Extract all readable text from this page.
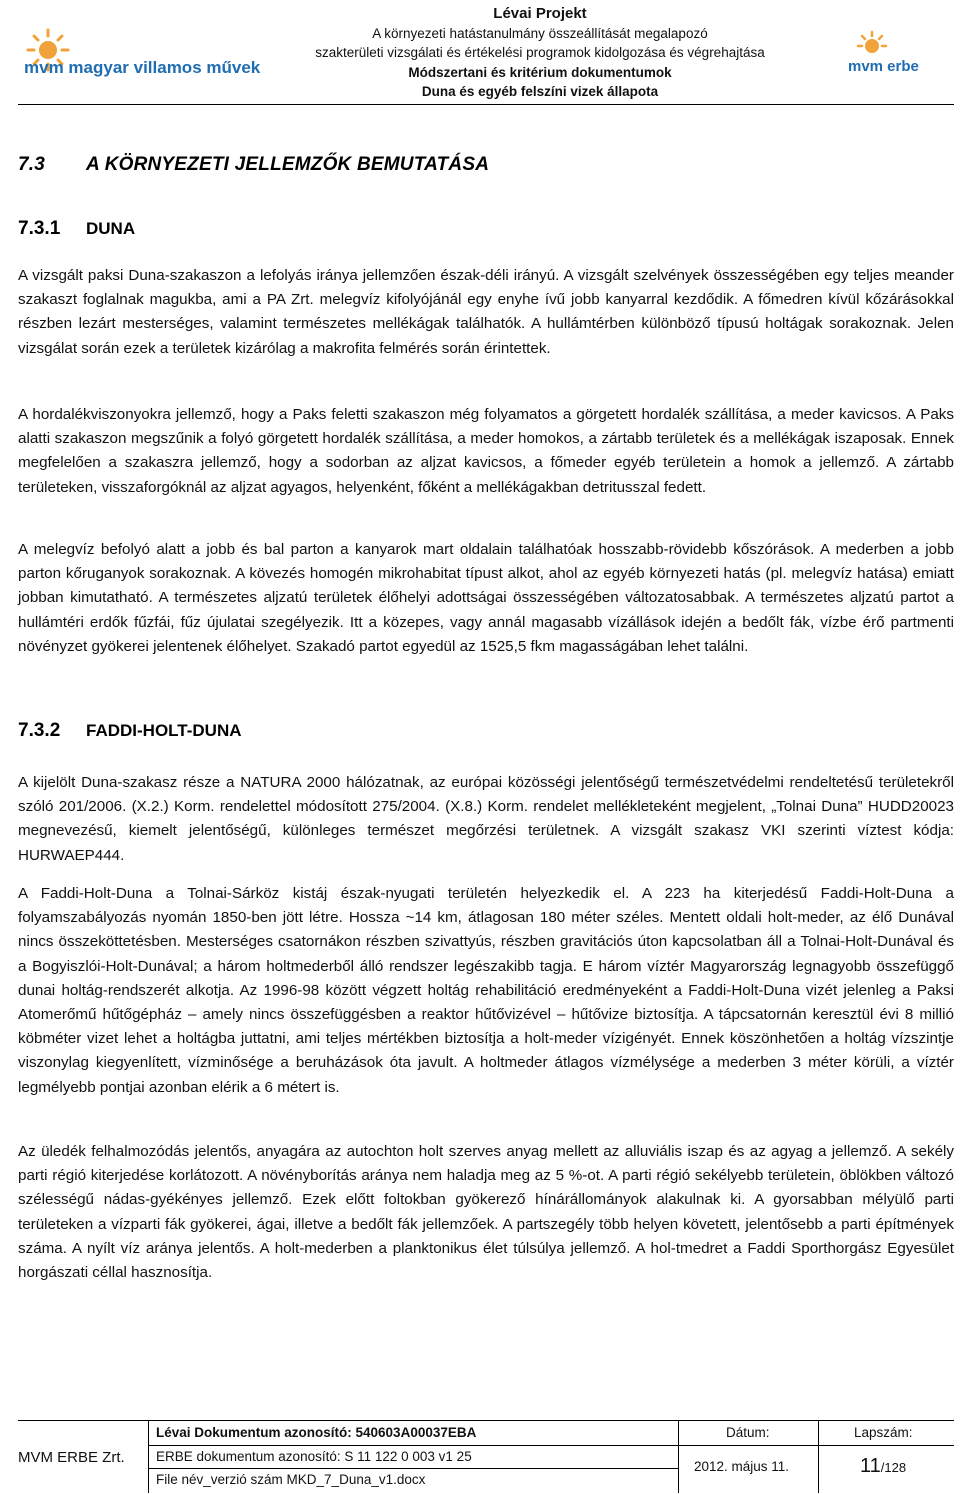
mvm magyar villamos művek
Lévai Projekt
A környezeti hatástanulmány összeállítását megalapozó
szakterületi vizsgálati és értékelési programok kidolgozása és végrehajtása
Módszertani és kritérium dokumentumok
Duna és egyéb felszíni vizek állapota
mvm erbe
7.3 A KÖRNYEZETI JELLEMZŐK BEMUTATÁSA
7.3.1 DUNA

A vizsgált paksi Duna-szakaszon a lefolyás iránya jellemzően észak-déli irányú. A vizsgált szelvények összességében egy teljes meander szakaszt foglalnak magukba, ami a PA Zrt. melegvíz kifolyójánál egy enyhe ívű jobb kanyarral kezdődik. A főmedren kívül kőzárásokkal részben lezárt mesterséges, valamint természetes mellékágak találhatók. A hullámtérben különböző típusú holtágak sorakoznak. Jelen vizsgálat során ezek a területek kizárólag a makrofita felmérés során érintettek.

A hordalékviszonyokra jellemző, hogy a Paks feletti szakaszon még folyamatos a görgetett hordalék szállítása, a meder kavicsos. A Paks alatti szakaszon megszűnik a folyó görgetett hordalék szállítása, a meder homokos, a zártabb területek és a mellékágak iszaposak. Ennek megfelelően a szakaszra jellemző, hogy a sodorban az aljzat kavicsos, a főmeder egyéb területein a homok a jellemző. A zártabb területeken, visszaforgóknál az aljzat agyagos, helyenként, főként a mellékágakban detritusszal fedett.

A melegvíz befolyó alatt a jobb és bal parton a kanyarok mart oldalain találhatóak hosszabb-rövidebb kőszórások. A mederben a jobb parton kőruganyok sorakoznak. A kövezés homogén mikrohabitat típust alkot, ahol az egyéb környezeti hatás (pl. melegvíz hatása) emiatt jobban kimutatható. A természetes aljzatú területek élőhelyi adottságai összességében változatosabbak. A természetes aljzatú partot a hullámtéri erdők fűzfái, fűz újulatai szegélyezik. Itt a közepes, vagy annál magasabb vízállások idején a bedőlt fák, vízbe érő partmenti növényzet gyökerei jelentenek élőhelyet. Szakadó partot egyedül az 1525,5 fkm magasságában lehet találni.

7.3.2 FADDI-HOLT-DUNA

A kijelölt Duna-szakasz része a NATURA 2000 hálózatnak, az európai közösségi jelentőségű természetvédelmi rendeltetésű területekről szóló 201/2006. (X.2.) Korm. rendelettel módosított 275/2004. (X.8.) Korm. rendelet mellékleteként megjelent, „Tolnai Duna” HUDD20023 megnevezésű, kiemelt jelentőségű, különleges természet megőrzési területnek. A vizsgált szakasz VKI szerinti víztest kódja: HURWAEP444.

A Faddi-Holt-Duna a Tolnai-Sárköz kistáj észak-nyugati területén helyezkedik el. A 223 ha kiterjedésű Faddi-Holt-Duna a folyamszabályozás nyomán 1850-ben jött létre. Hossza ~14 km, átlagosan 180 méter széles. Mentett oldali holt-meder, az élő Dunával nincs összeköttetésben. Mesterséges csatornákon részben szivattyús, részben gravitációs úton kapcsolatban áll a Tolnai-Holt-Dunával és a Bogyiszlói-Holt-Dunával; a három holtmederből álló rendszer legészakibb tagja. E három víztér Magyarország legnagyobb összefüggő dunai holtág-rendszerét alkotja. Az 1996-98 között végzett holtág rehabilitáció eredményeként a Faddi-Holt-Duna vizét jelenleg a Paksi Atomerőmű hűtőgépház – amely nincs összefüggésben a reaktor hűtővizével – hűtővize biztosítja. A tápcsatornán keresztül évi 8 millió köbméter vizet lehet a holtágba juttatni, ami teljes mértékben biztosítja a holt-meder vízigényét. Ennek köszönhetően a holtág vízszintje viszonylag kiegyenlített, vízminősége a beruházások óta javult. A holtmeder átlagos vízmélysége a mederben 3 méter körüli, a víztér legmélyebb pontjai azonban elérik a 6 métert is.

Az üledék felhalmozódás jelentős, anyagára az autochton holt szerves anyag mellett az alluviális iszap és az agyag a jellemző. A sekély parti régió kiterjedése korlátozott. A növényborítás aránya nem haladja meg az 5 %-ot. A parti régió sekélyebb területein, öblökben változó szélességű nádas-gyékényes jellemző. Ezek előtt foltokban gyökerező hínárállományok alakulnak ki. A gyorsabban mélyülő parti területeken a vízparti fák gyökerei, ágai, illetve a bedőlt fák jellemzőek. A partszegély több helyen követett, jelentősebb a parti építmények száma. A nyílt víz aránya jelentős. A holt-mederben a planktonikus élet túlsúlya jellemző. A hol-tmedret a Faddi Sporthorgász Egyesület horgászati céllal hasznosítja.

MVM ERBE Zrt.
Lévai Dokumentum azonosító: 540603A00037EBA
ERBE dokumentum azonosító: S 11 122 0 003 v1 25
File név_verzió szám MKD_7_Duna_v1.docx
Dátum:
2012. május 11.
Lapszám:
11/128
